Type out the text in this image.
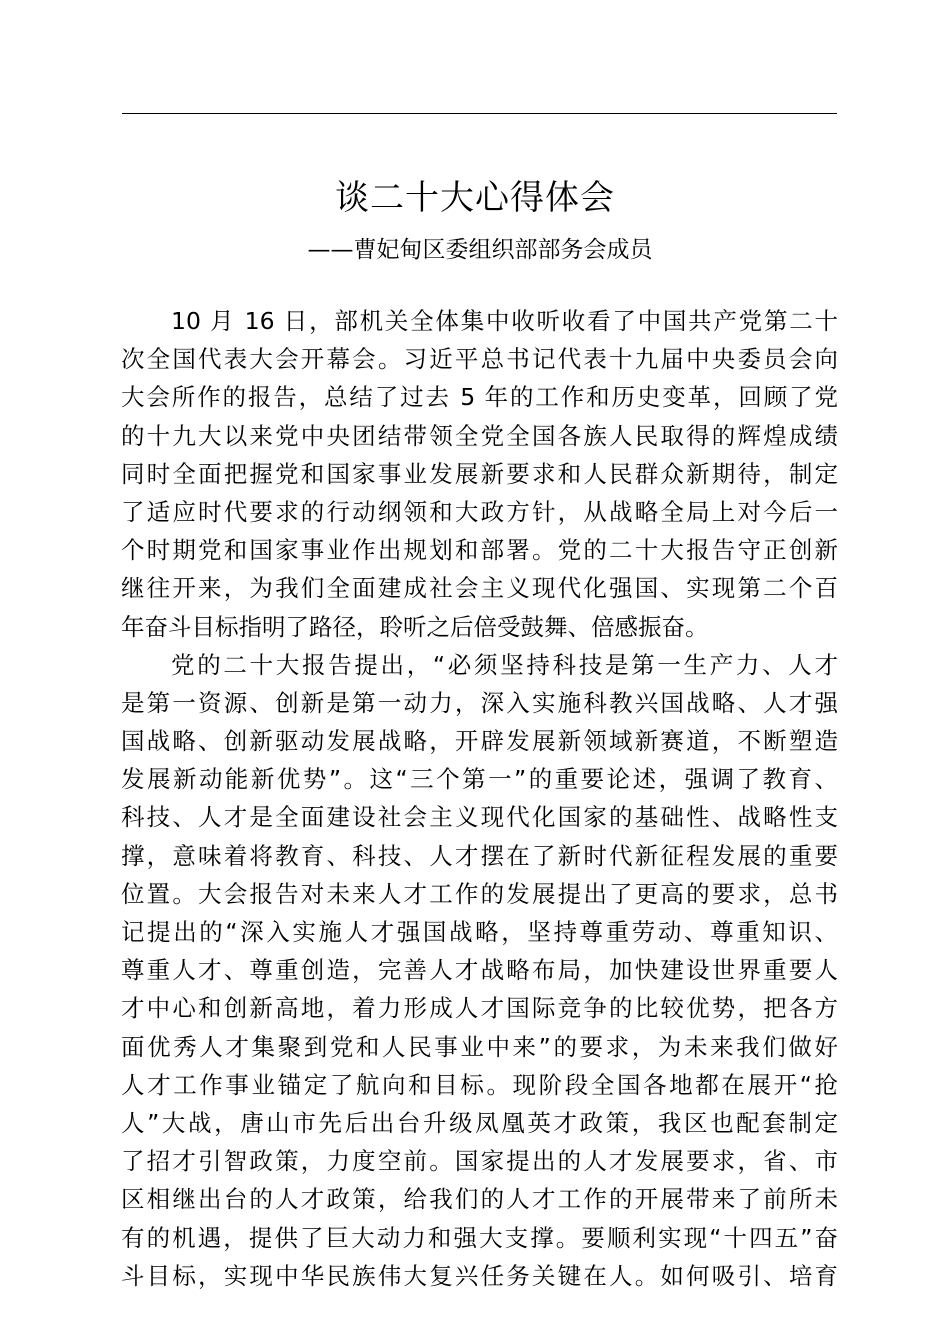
谈二十大心得体会
——曹妃甸区委组织部部务会成员
10 月 16 日，部机关全体集中收听收看了中国共产党第二十
次全国代表大会开幕会。习近平总书记代表十九届中央委员会向
大会所作的报告，总结了过去 5 年的工作和历史变革，回顾了党
的十九大以来党中央团结带领全党全国各族人民取得的辉煌成绩
同时全面把握党和国家事业发展新要求和人民群众新期待，制定
了适应时代要求的行动纲领和大政方针，从战略全局上对今后一
个时期党和国家事业作出规划和部署。党的二十大报告守正创新
继往开来，为我们全面建成社会主义现代化强国、实现第二个百
年奋斗目标指明了路径，聆听之后倍受鼓舞、倍感振奋。
党的二十大报告提出，“必须坚持科技是第一生产力、人才
是第一资源、创新是第一动力，深入实施科教兴国战略、人才强
国战略、创新驱动发展战略，开辟发展新领域新赛道，不断塑造
发展新动能新优势”。这“三个第一”的重要论述，强调了教育、
科技、人才是全面建设社会主义现代化国家的基础性、战略性支
撑，意味着将教育、科技、人才摆在了新时代新征程发展的重要
位置。大会报告对未来人才工作的发展提出了更高的要求，总书
记提出的“深入实施人才强国战略，坚持尊重劳动、尊重知识、
尊重人才、尊重创造，完善人才战略布局，加快建设世界重要人
才中心和创新高地，着力形成人才国际竞争的比较优势，把各方
面优秀人才集聚到党和人民事业中来”的要求，为未来我们做好
人才工作事业锚定了航向和目标。现阶段全国各地都在展开“抢
人”大战，唐山市先后出台升级凤凰英才政策，我区也配套制定
了招才引智政策，力度空前。国家提出的人才发展要求，省、市
区相继出台的人才政策，给我们的人才工作的开展带来了前所未
有的机遇，提供了巨大动力和强大支撑。要顺利实现“十四五”奋
斗目标，实现中华民族伟大复兴任务关键在人。如何吸引、培育
